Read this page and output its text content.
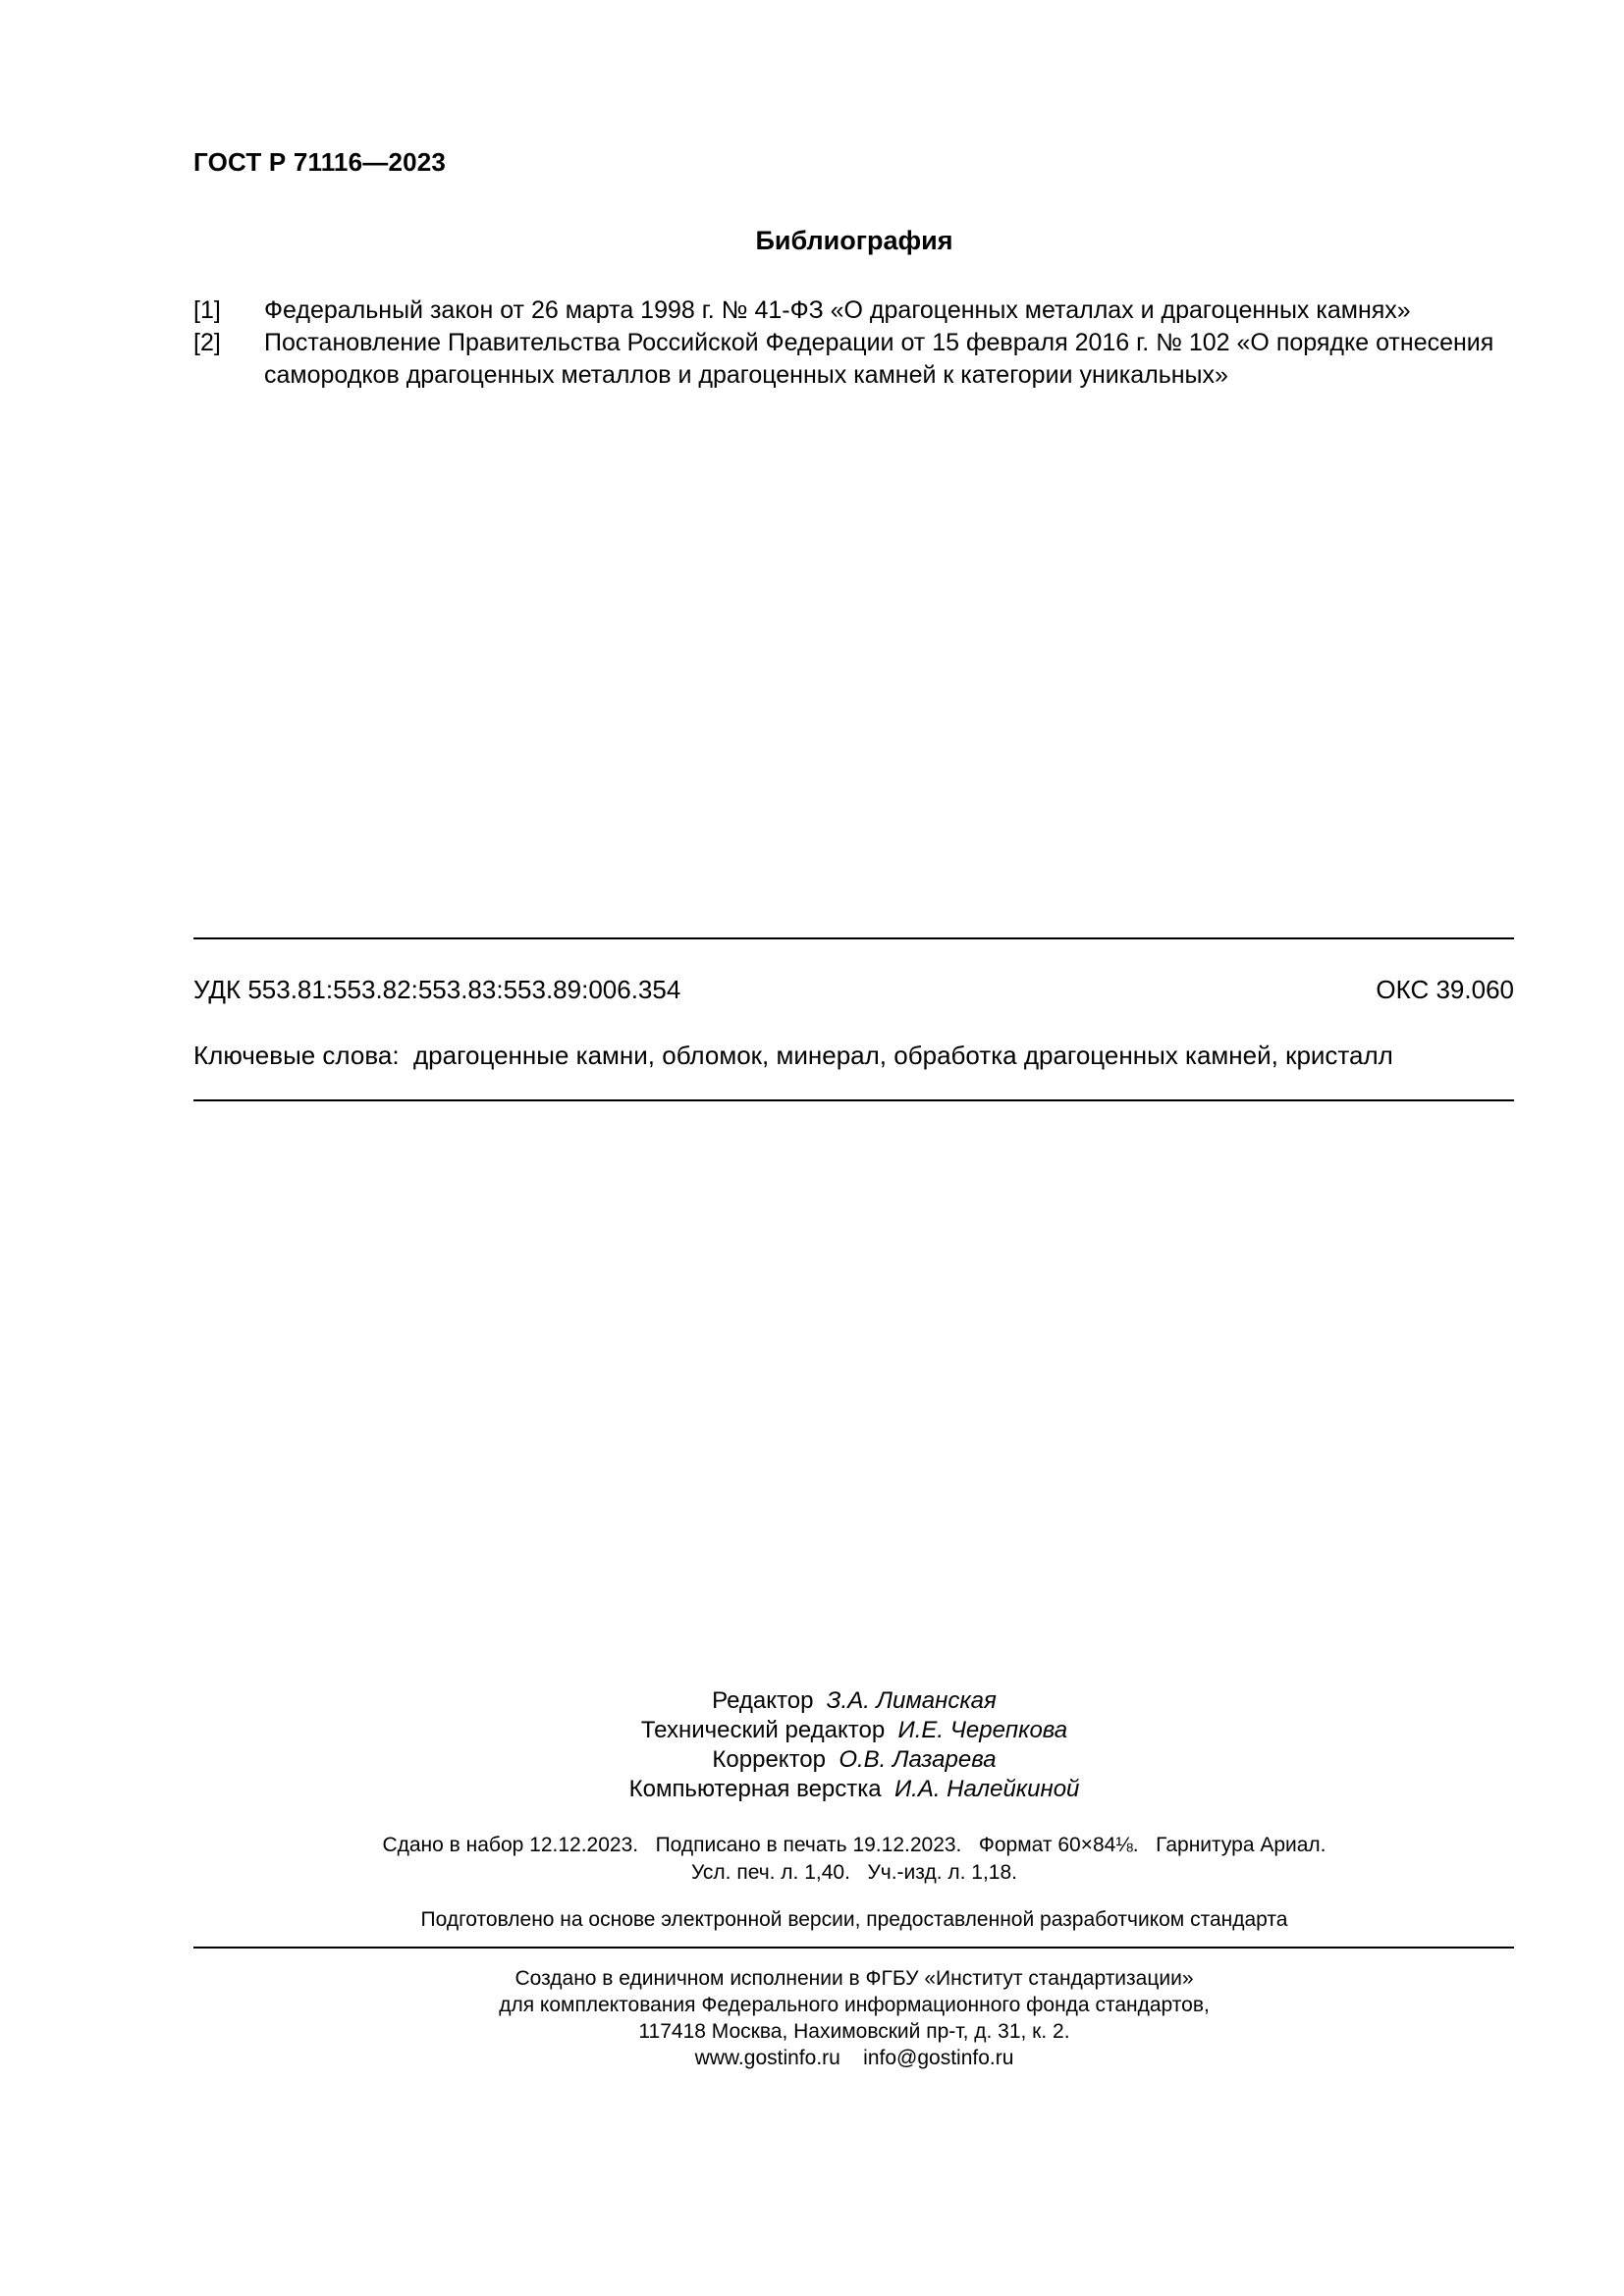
ГОСТ Р 71116—2023
Библиография
[1]	Федеральный закон от 26 марта 1998 г. № 41-ФЗ «О драгоценных металлах и драгоценных камнях»
[2]	Постановление Правительства Российской Федерации от 15 февраля 2016 г. № 102 «О порядке отнесения самородков драгоценных металлов и драгоценных камней к категории уникальных»
УДК 553.81:553.82:553.83:553.89:006.354	ОКС 39.060
Ключевые слова: драгоценные камни, обломок, минерал, обработка драгоценных камней, кристалл
Редактор З.А. Лиманская
Технический редактор И.Е. Черепкова
Корректор О.В. Лазарева
Компьютерная верстка И.А. Налейкиной
Сдано в набор 12.12.2023.   Подписано в печать 19.12.2023.   Формат 60×84⅛.   Гарнитура Ариал.
Усл. печ. л. 1,40.   Уч.-изд. л. 1,18.
Подготовлено на основе электронной версии, предоставленной разработчиком стандарта
Создано в единичном исполнении в ФГБУ «Институт стандартизации»
для комплектования Федерального информационного фонда стандартов,
117418 Москва, Нахимовский пр-т, д. 31, к. 2.
www.gostinfo.ru info@gostinfo.ru
